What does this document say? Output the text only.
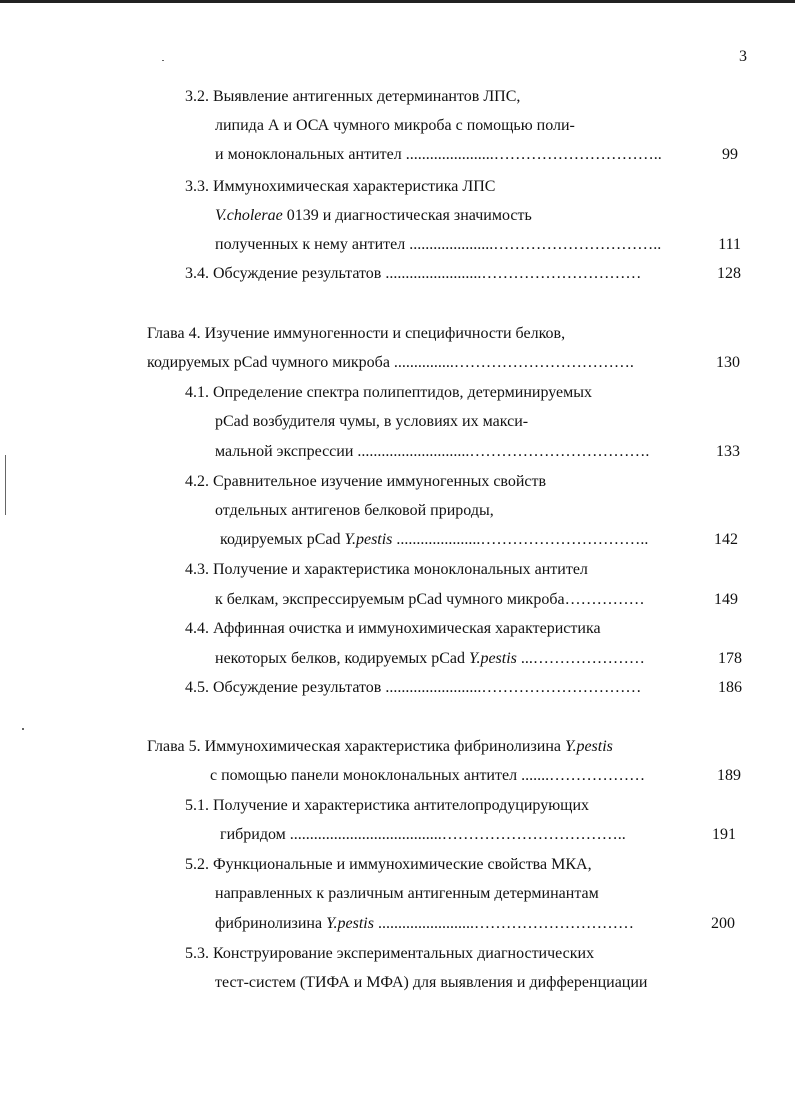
3
3.2. Выявление антигенных детерминантов ЛПС,
липида А и ОСА чумного микроба с помощью поли-
и моноклональных антител ......................…………………………..	99
3.3. Иммунохимическая характеристика ЛПС
V.cholerae 0139 и диагностическая значимость
полученных к нему антител .....................…………………………..	111
3.4. Обсуждение результатов ........................…………………………	128
Глава 4. Изучение иммуногенности и специфичности белков,
кодируемых pCad чумного микроба ...............…………………………….	130
4.1. Определение спектра полипептидов, детерминируемых
pCad возбудителя чумы, в условиях их макси-
мальной экспрессии ............................…………………………….	133
4.2. Сравнительное изучение иммуногенных свойств
отдельных антигенов белковой природы,
кодируемых pCad Y.pestis .....................…………………………..	142
4.3. Получение и характеристика моноклональных антител
к белкам, экспрессируемым pCad чумного микроба……………	149
4.4. Аффинная очистка и иммунохимическая характеристика
некоторых белков, кодируемых pCad Y.pestis ...…………………	178
4.5. Обсуждение результатов ........................…………………………	186
Глава 5. Иммунохимическая характеристика фибринолизина Y.pestis
с помощью панели моноклональных антител .......………………	189
5.1. Получение и характеристика антителопродуцирующих
гибридом ......................................……………………………..	191
5.2. Функциональные и иммунохимические свойства МКА,
направленных к различным антигенным детерминантам
фибринолизина Y.pestis ........................…………………………	200
5.3. Конструирование экспериментальных диагностических
тест-систем (ТИФА и МФА) для выявления и дифференциации
